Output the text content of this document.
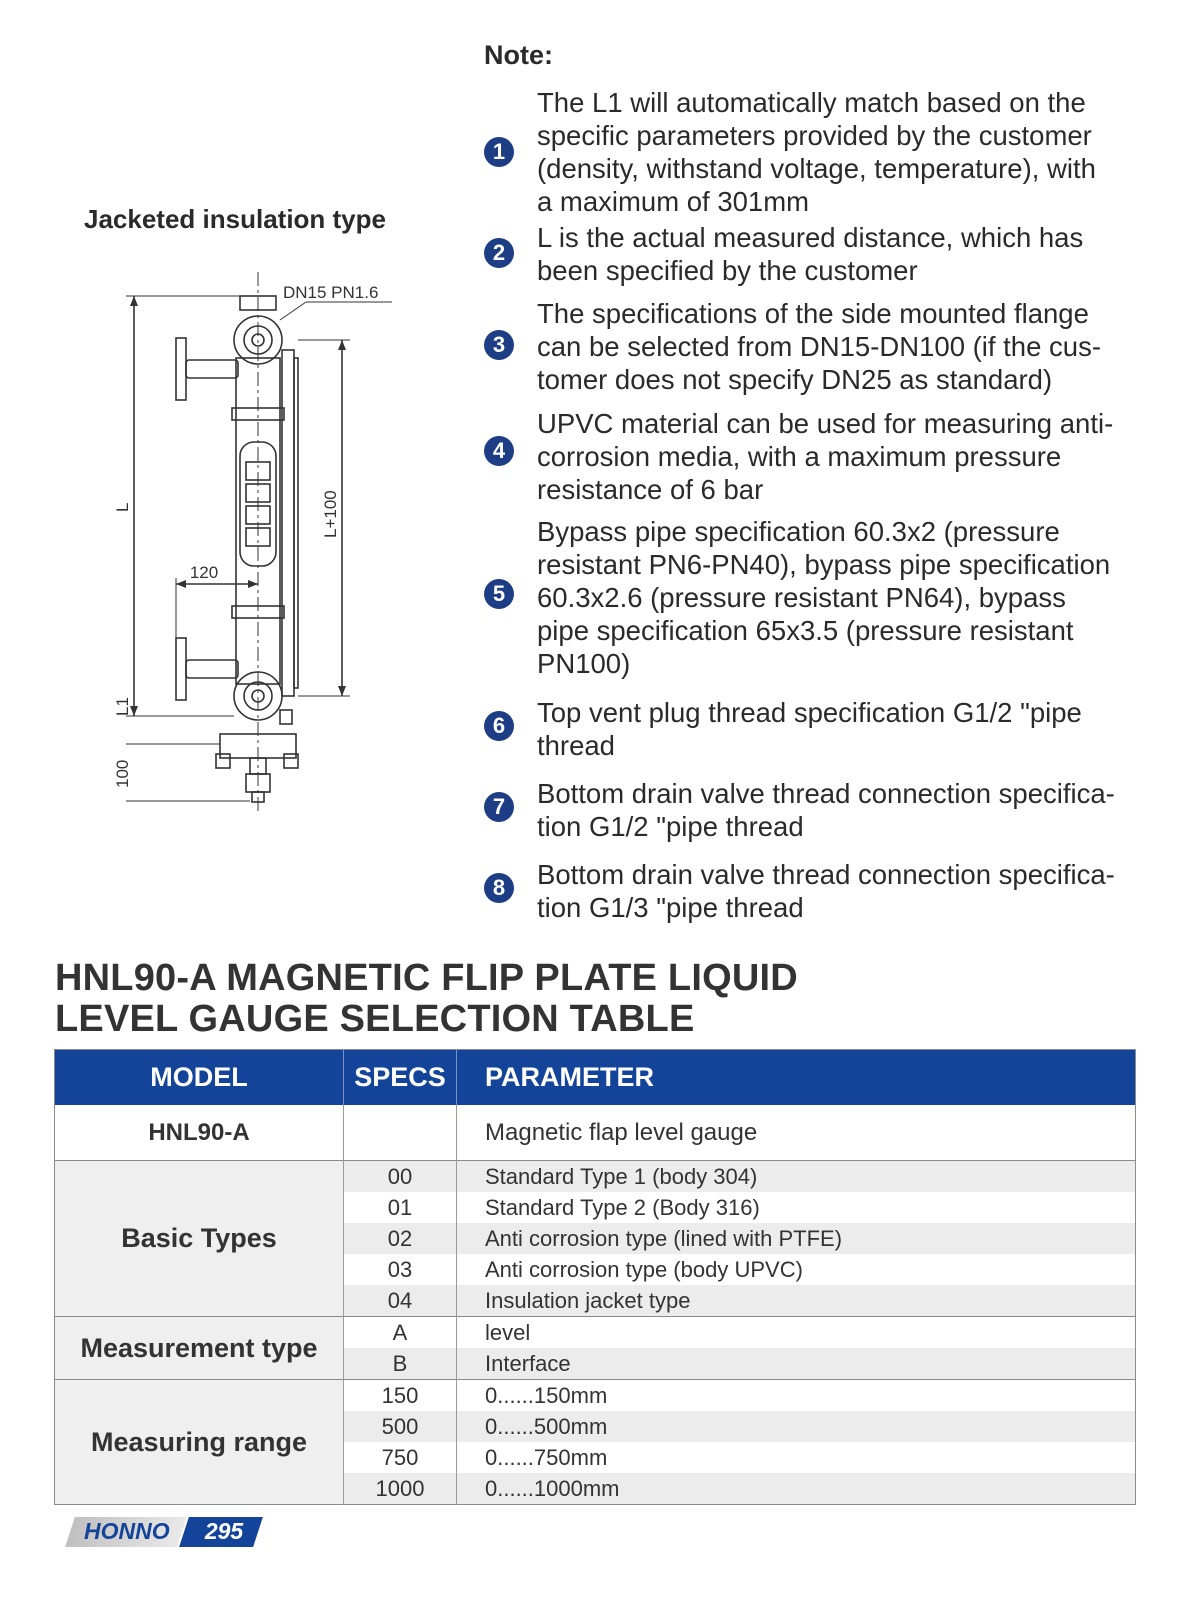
Jacketed insulation type
DN15 PN1.6
120
L	L+100
L1
100
Note:
1
The L1 will automatically match based on the specific parameters provided by the customer (density, withstand voltage, temperature), with a maximum of 301mm
2	L is the actual measured distance, which has been specified by the customer
3
The specifications of the side mounted flange can be selected from DN15-DN100 (if the cus-tomer does not specify DN25 as standard)
4
UPVC material can be used for measuring anti-corrosion media, with a maximum pressure resistance of 6 bar
5
Bypass pipe specification 60.3x2 (pressure resistant PN6-PN40), bypass pipe specification 60.3x2.6 (pressure resistant PN64), bypass pipe specification 65x3.5 (pressure resistant PN100)
6	Top vent plug thread specification G1/2 "pipe thread
7	Bottom drain valve thread connection specifica-tion G1/2 "pipe thread
8	Bottom drain valve thread connection specifica-tion G1/3 "pipe thread
HNL90-A MAGNETIC FLIP PLATE LIQUID
LEVEL GAUGE SELECTION TABLE
MODEL	SPECS	PARAMETER
HNL90-A		Magnetic flap level gauge
Basic Types	00	Standard Type 1 (body 304)
	01	Standard Type 2 (Body 316)
	02	Anti corrosion type (lined with PTFE)
	03	Anti corrosion type (body UPVC)
	04	Insulation jacket type
Measurement type	A	level
	B	Interface
Measuring range	150	0......150mm
	500	0......500mm
	750	0......750mm
	1000	0......1000mm
HONNO	295
